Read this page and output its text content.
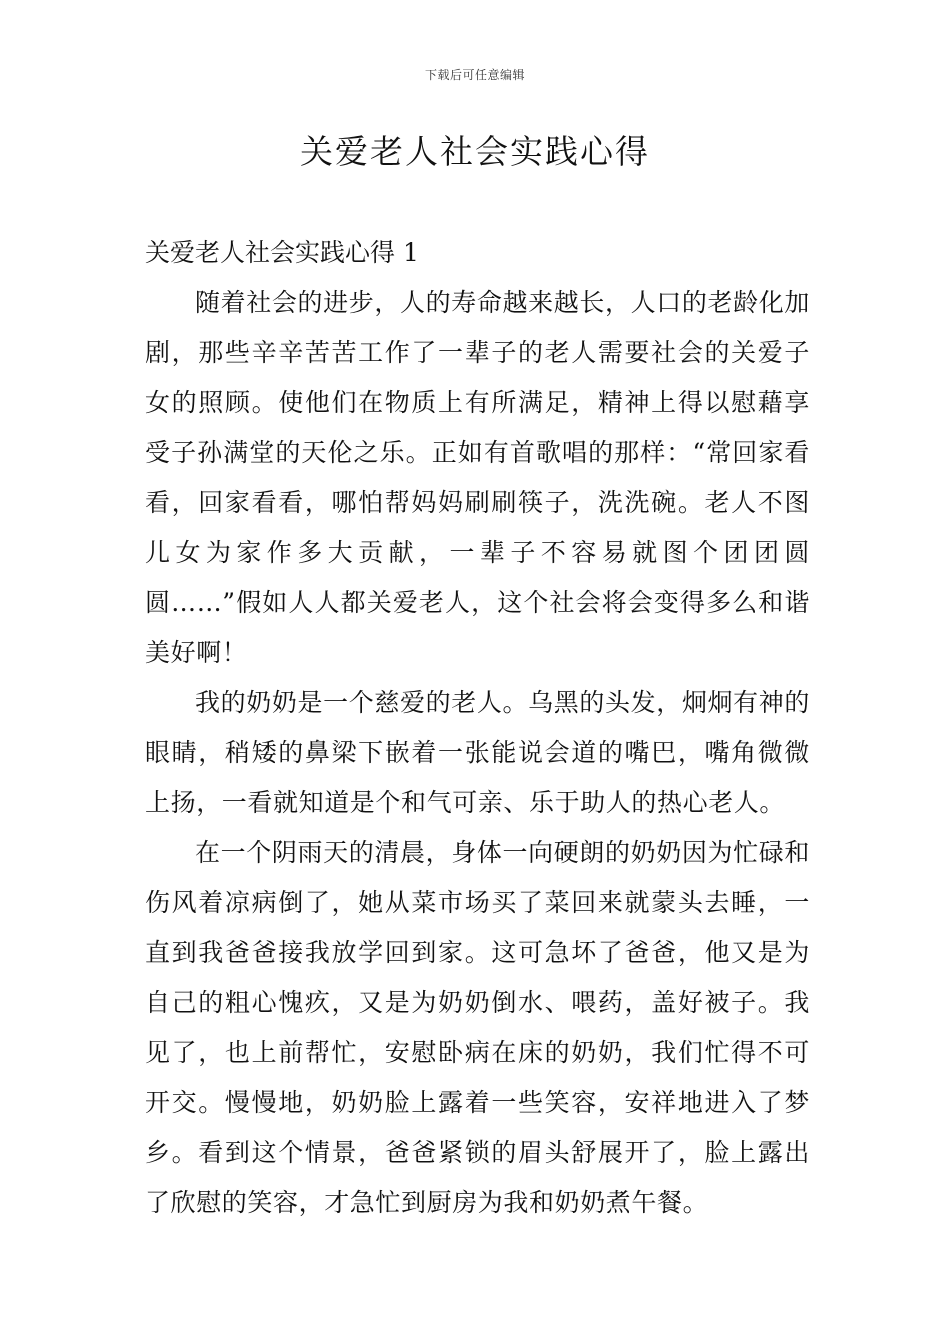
下载后可任意编辑
关爱老人社会实践心得

关爱老人社会实践心得 1

随着社会的进步，人的寿命越来越长，人口的老龄化加剧，那些辛辛苦苦工作了一辈子的老人需要社会的关爱子女的照顾。使他们在物质上有所满足，精神上得以慰藉享受子孙满堂的天伦之乐。正如有首歌唱的那样：“常回家看看，回家看看，哪怕帮妈妈刷刷筷子，洗洗碗。老人不图儿女为家作多大贡献，一辈子不容易就图个团团圆圆……”假如人人都关爱老人，这个社会将会变得多么和谐美好啊！

我的奶奶是一个慈爱的老人。乌黑的头发，炯炯有神的眼睛，稍矮的鼻梁下嵌着一张能说会道的嘴巴，嘴角微微上扬，一看就知道是个和气可亲、乐于助人的热心老人。

在一个阴雨天的清晨，身体一向硬朗的奶奶因为忙碌和伤风着凉病倒了，她从菜市场买了菜回来就蒙头去睡，一直到我爸爸接我放学回到家。这可急坏了爸爸，他又是为自己的粗心愧疚，又是为奶奶倒水、喂药，盖好被子。我见了，也上前帮忙，安慰卧病在床的奶奶，我们忙得不可开交。慢慢地，奶奶脸上露着一些笑容，安祥地进入了梦乡。看到这个情景，爸爸紧锁的眉头舒展开了，脸上露出了欣慰的笑容，才急忙到厨房为我和奶奶煮午餐。
